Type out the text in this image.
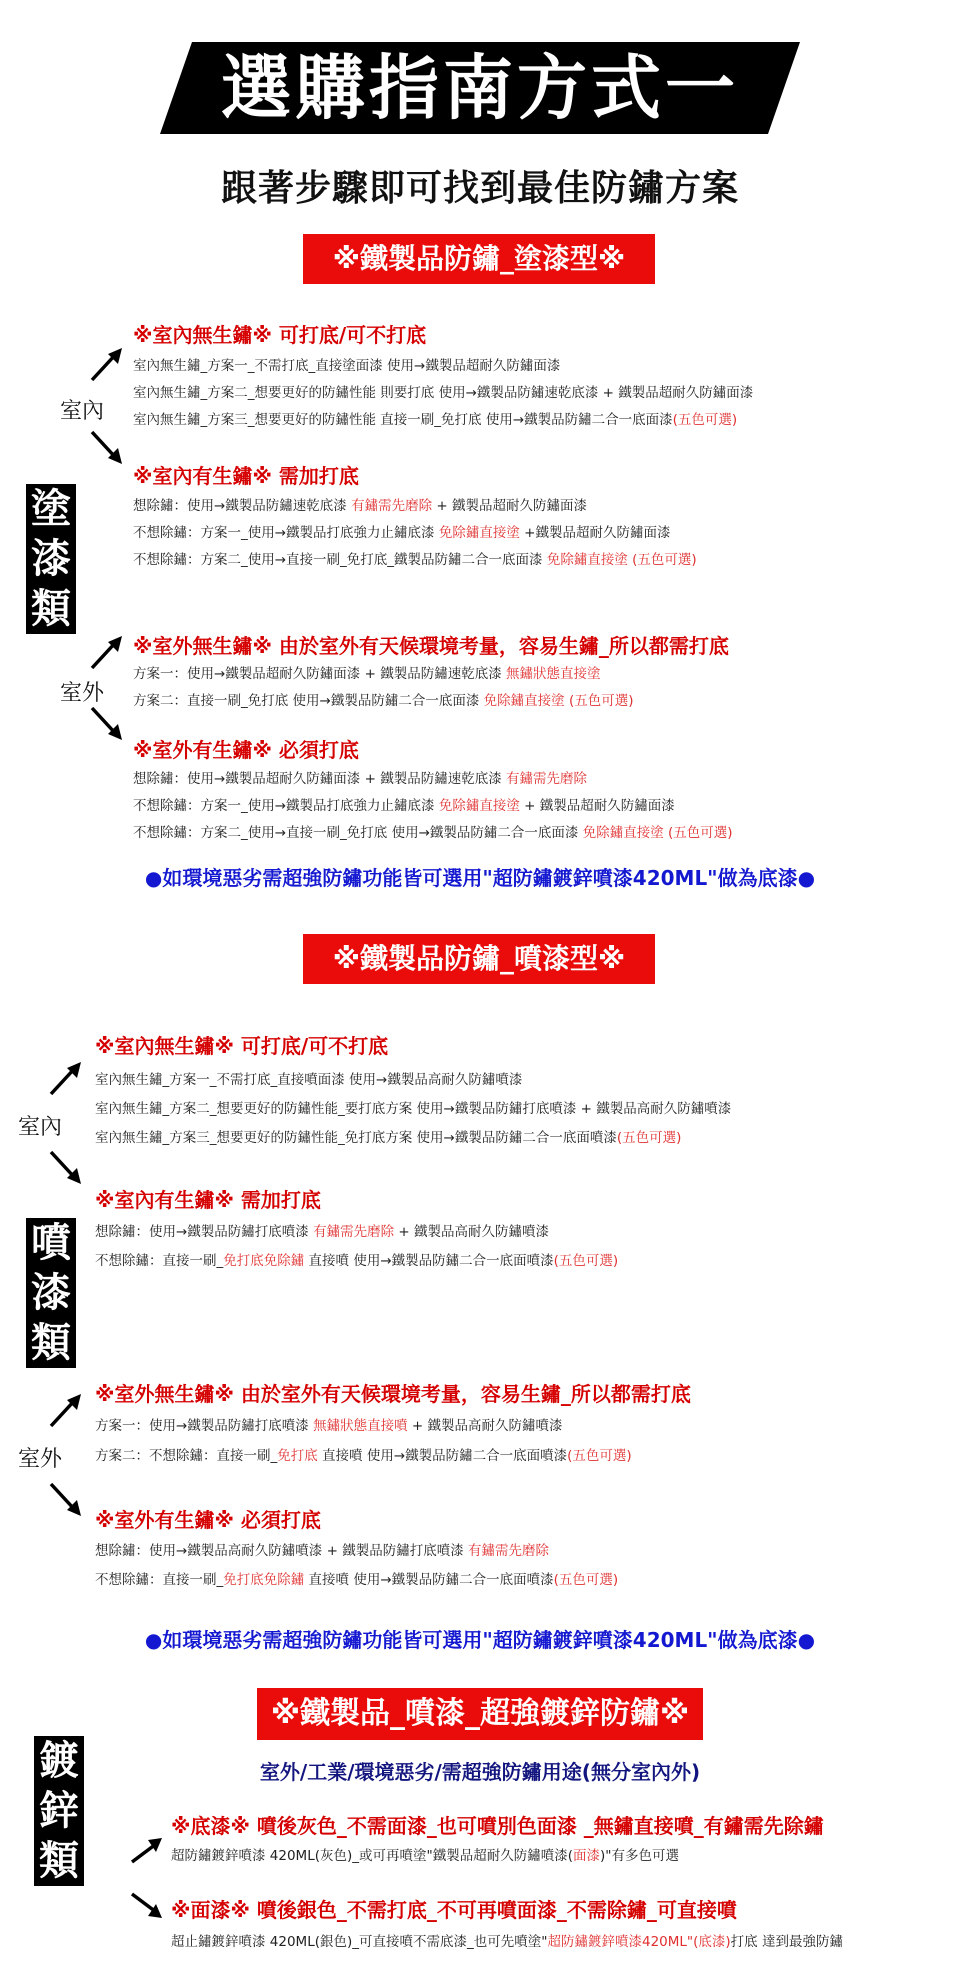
選購指南方式一
跟著步驟即可找到最佳防鏽方案
※鐵製品防鏽_塗漆型※
塗
漆
類
室內
室外
※室內無生鏽※ 可打底/可不打底
室內無生鏽_方案一_不需打底_直接塗面漆 使用→鐵製品超耐久防鏽面漆
室內無生鏽_方案二_想要更好的防鏽性能 則要打底 使用→鐵製品防鏽速乾底漆 + 鐵製品超耐久防鏽面漆
室內無生鏽_方案三_想要更好的防鏽性能 直接一刷_免打底 使用→鐵製品防鏽二合一底面漆(五色可選)
※室內有生鏽※ 需加打底
想除鏽：使用→鐵製品防鏽速乾底漆 有鏽需先磨除 + 鐵製品超耐久防鏽面漆
不想除鏽：方案一_使用→鐵製品打底強力止鏽底漆 免除鏽直接塗 +鐵製品超耐久防鏽面漆
不想除鏽：方案二_使用→直接一刷_免打底_鐵製品防鏽二合一底面漆 免除鏽直接塗 (五色可選)
※室外無生鏽※ 由於室外有天候環境考量，容易生鏽_所以都需打底
方案一：使用→鐵製品超耐久防鏽面漆 + 鐵製品防鏽速乾底漆 無鏽狀態直接塗
方案二：直接一刷_免打底 使用→鐵製品防鏽二合一底面漆 免除鏽直接塗 (五色可選)
※室外有生鏽※ 必須打底
想除鏽：使用→鐵製品超耐久防鏽面漆 + 鐵製品防鏽速乾底漆 有鏽需先磨除
不想除鏽：方案一_使用→鐵製品打底強力止鏽底漆 免除鏽直接塗 + 鐵製品超耐久防鏽面漆
不想除鏽：方案二_使用→直接一刷_免打底 使用→鐵製品防鏽二合一底面漆 免除鏽直接塗 (五色可選)
●如環境惡劣需超強防鏽功能皆可選用"超防鏽鍍鋅噴漆420ML"做為底漆●
※鐵製品防鏽_噴漆型※
噴
漆
類
室內
室外
※室內無生鏽※ 可打底/可不打底
室內無生鏽_方案一_不需打底_直接噴面漆 使用→鐵製品高耐久防鏽噴漆
室內無生鏽_方案二_想要更好的防鏽性能_要打底方案 使用→鐵製品防鏽打底噴漆 + 鐵製品高耐久防鏽噴漆
室內無生鏽_方案三_想要更好的防鏽性能_免打底方案 使用→鐵製品防鏽二合一底面噴漆(五色可選)
※室內有生鏽※ 需加打底
想除鏽：使用→鐵製品防鏽打底噴漆 有鏽需先磨除 + 鐵製品高耐久防鏽噴漆
不想除鏽：直接一刷_免打底免除鏽 直接噴 使用→鐵製品防鏽二合一底面噴漆(五色可選)
※室外無生鏽※ 由於室外有天候環境考量，容易生鏽_所以都需打底
方案一：使用→鐵製品防鏽打底噴漆 無鏽狀態直接噴 + 鐵製品高耐久防鏽噴漆
方案二：不想除鏽：直接一刷_免打底 直接噴 使用→鐵製品防鏽二合一底面噴漆(五色可選)
※室外有生鏽※ 必須打底
想除鏽：使用→鐵製品高耐久防鏽噴漆 + 鐵製品防鏽打底噴漆 有鏽需先磨除
不想除鏽：直接一刷_免打底免除鏽 直接噴 使用→鐵製品防鏽二合一底面噴漆(五色可選)
●如環境惡劣需超強防鏽功能皆可選用"超防鏽鍍鋅噴漆420ML"做為底漆●
※鐵製品_噴漆_超強鍍鋅防鏽※
室外/工業/環境惡劣/需超強防鏽用途(無分室內外)
鍍
鋅
類
※底漆※ 噴後灰色_不需面漆_也可噴別色面漆 _無鏽直接噴_有鏽需先除鏽
超防鏽鍍鋅噴漆 420ML(灰色)_或可再噴塗"鐵製品超耐久防鏽噴漆(面漆)"有多色可選
※面漆※ 噴後銀色_不需打底_不可再噴面漆_不需除鏽_可直接噴
超止鏽鍍鋅噴漆 420ML(銀色)_可直接噴不需底漆_也可先噴塗"超防鏽鍍鋅噴漆420ML"(底漆)打底 達到最強防鏽
